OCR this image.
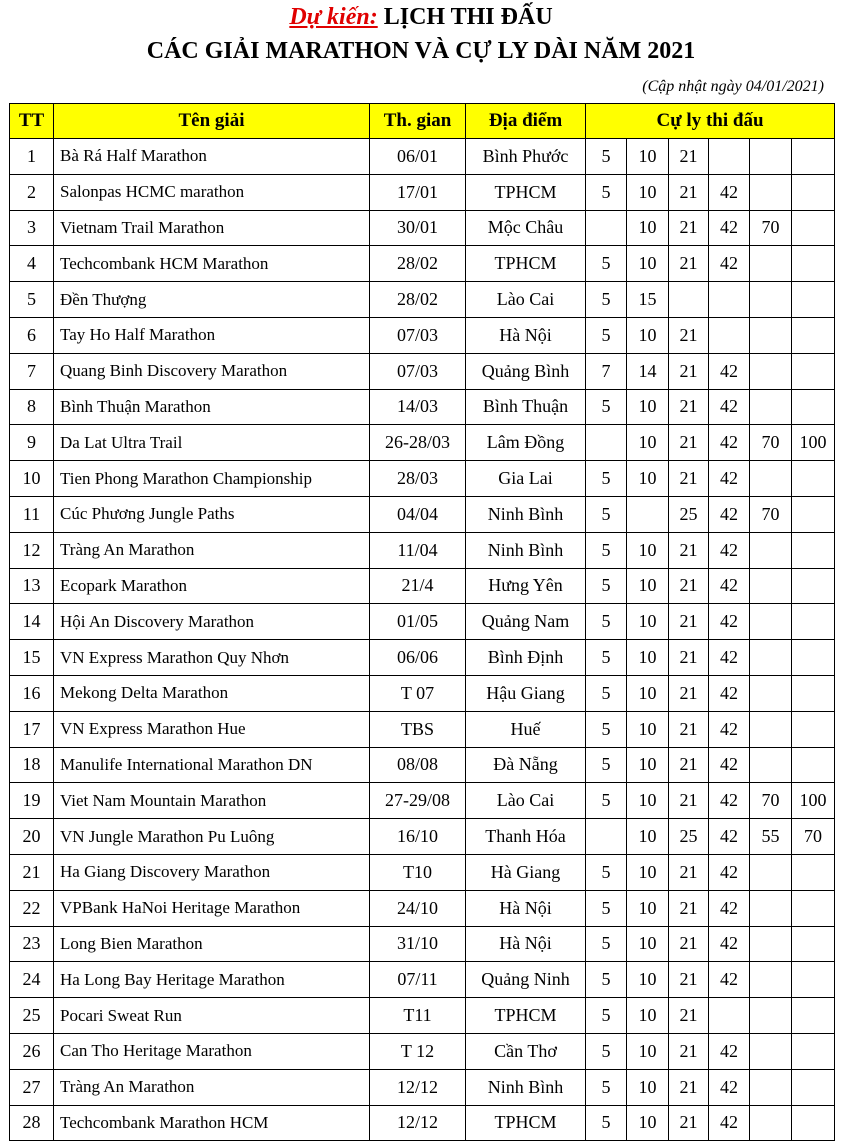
Dự kiến: LỊCH THI ĐẤU
CÁC GIẢI MARATHON VÀ CỰ LY DÀI NĂM 2021
(Cập nhật ngày 04/01/2021)
TT	Tên giải	Th. gian	Địa điểm	Cự ly thi đấu					
1	Bà Rá Half Marathon	06/01	Bình Phước	5	10	21			
2	Salonpas HCMC marathon	17/01	TPHCM	5	10	21	42		
3	Vietnam Trail Marathon	30/01	Mộc Châu		10	21	42	70	
4	Techcombank HCM Marathon	28/02	TPHCM	5	10	21	42		
5	Đền Thượng	28/02	Lào Cai	5	15				
6	Tay Ho Half Marathon	07/03	Hà Nội	5	10	21			
7	Quang Binh Discovery Marathon	07/03	Quảng Bình	7	14	21	42		
8	Bình Thuận Marathon	14/03	Bình Thuận	5	10	21	42		
9	Da Lat Ultra Trail	26-28/03	Lâm Đồng		10	21	42	70	100
10	Tien Phong Marathon Championship	28/03	Gia Lai	5	10	21	42		
11	Cúc Phương Jungle Paths	04/04	Ninh Bình	5		25	42	70	
12	Tràng An Marathon	11/04	Ninh Bình	5	10	21	42		
13	Ecopark Marathon	21/4	Hưng Yên	5	10	21	42		
14	Hội An Discovery Marathon	01/05	Quảng Nam	5	10	21	42		
15	VN Express Marathon Quy Nhơn	06/06	Bình Định	5	10	21	42		
16	Mekong Delta Marathon	T 07	Hậu Giang	5	10	21	42		
17	VN Express Marathon Hue	TBS	Huế	5	10	21	42		
18	Manulife International Marathon DN	08/08	Đà Nẵng	5	10	21	42		
19	Viet Nam Mountain Marathon	27-29/08	Lào Cai	5	10	21	42	70	100
20	VN Jungle Marathon Pu Luông	16/10	Thanh Hóa		10	25	42	55	70
21	Ha Giang Discovery Marathon	T10	Hà Giang	5	10	21	42		
22	VPBank HaNoi Heritage Marathon	24/10	Hà Nội	5	10	21	42		
23	Long Bien Marathon	31/10	Hà Nội	5	10	21	42		
24	Ha Long Bay Heritage Marathon	07/11	Quảng Ninh	5	10	21	42		
25	Pocari Sweat Run	T11	TPHCM	5	10	21			
26	Can Tho Heritage Marathon	T 12	Cần Thơ	5	10	21	42		
27	Tràng An Marathon	12/12	Ninh Bình	5	10	21	42		
28	Techcombank Marathon HCM	12/12	TPHCM	5	10	21	42		
